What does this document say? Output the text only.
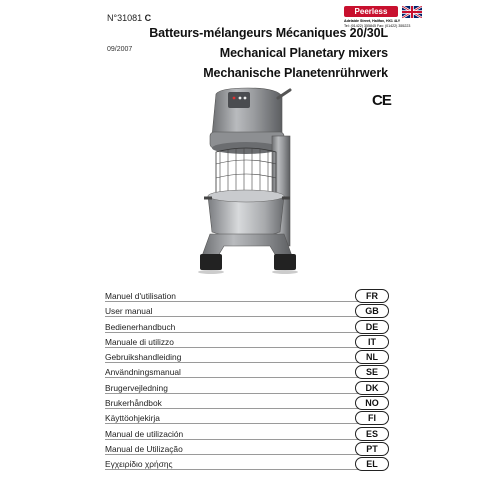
N°31081 C
09/2007
Batteurs-mélangeurs Mécaniques 20/30L
Mechanical Planetary mixers
Mechanische Planetenrührwerk
CE
Peerless
Adelaide Street, Halifax, HX1 4LY
Tel: (01422) 355845 Fax: (01422) 355223
Manuel d'utilisation	FR
User manual	GB
Bedienerhandbuch	DE
Manuale di utilizzo	IT
Gebruikshandleiding	NL
Användningsmanual	SE
Brugervejledning	DK
Brukerhåndbok	NO
Käyttöohjekirja	FI
Manual de utilización	ES
Manual de Utilização	PT
Εγχειρίδιο χρήσης	EL
